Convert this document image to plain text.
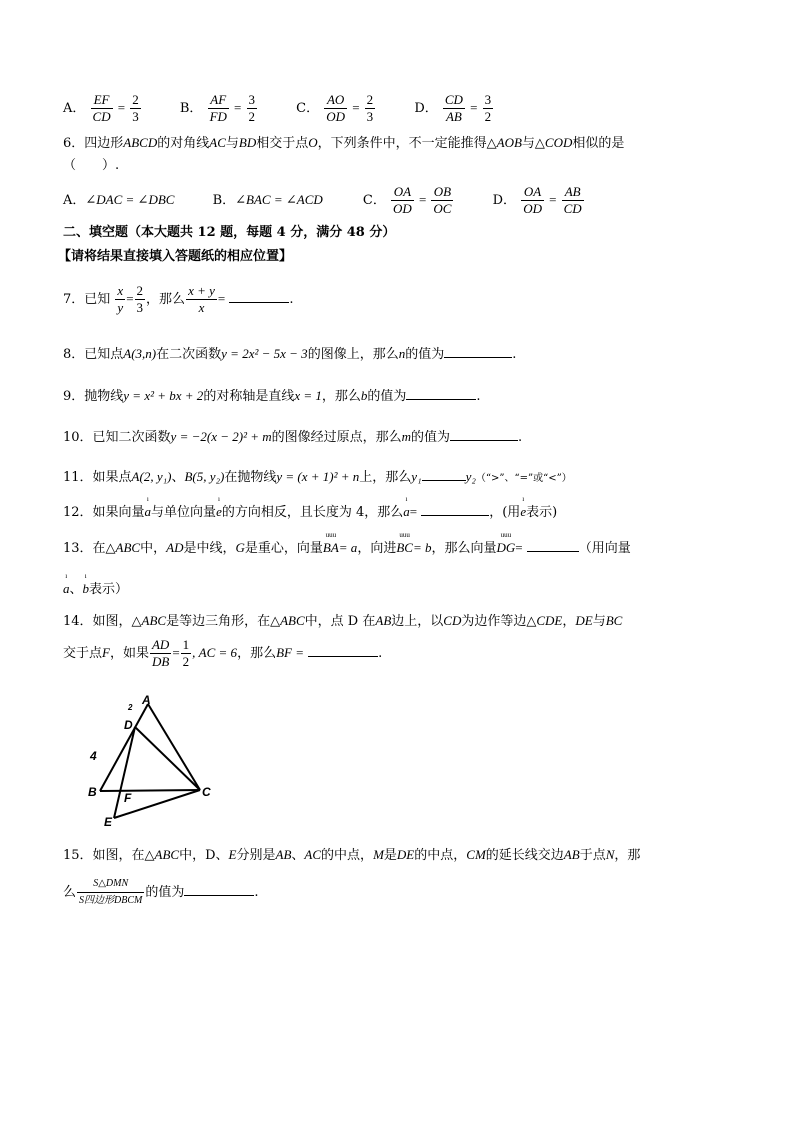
A． $\frac{EF}{CD} = \frac{2}{3}$	B． $\frac{AF}{FD} = \frac{3}{2}$	C． $\frac{AO}{OD} = \frac{2}{3}$	D． $\frac{CD}{AB} = \frac{3}{2}$
6．四边形ABCD的对角线AC与BD相交于点O，下列条件中，不一定能推得△AOB与△COD相似的是
（　　）.
A．∠DAC = ∠DBC	B．∠BAC = ∠ACD	C． $\frac{OA}{OD} = \frac{OB}{OC}$	D． $\frac{OA}{OD} = \frac{AB}{CD}$
二、填空题（本大题共 12 题，每题 4 分，满分 48 分）
【请将结果直接填入答题纸的相应位置】
7．已知 $\frac{x}{y} = \frac{2}{3}$ ，那么 $\frac{x + y}{x}$ =	.
8．已知点A(3,n)在二次函数y = 2x² − 5x − 3的图像上，那么n的值为	.
9．抛物线y = x² + bx + 2的对称轴是直线x = 1，那么b的值为	.
10．已知二次函数y = −2(x − 2)² + m的图像经过原点，那么m的值为	.
11．如果点A(2, y₁)、B(5, y₂)在抛物线y = (x + 1)² + n上，那么y₁	y₂（“>”、“=”或“<”）
12．如果向量
ı
a与单位向量
ı
e的方向相反，且长度为 4，那么
ı
a=	，(用
ı
e表示)
13．在△ABC中，AD是中线，G是重心，向量
uuu
BA= a，向进
uuu
BC= b，那么向量
uuu
DG=	（用向量
ı
a、
ı
b表示）
14．如图，△ABC是等边三角形，在△ABC中，点 D 在AB边上，以CD为边作等边△CDE，DE与BC
交于点F，如果 $\frac{AD}{DB} = \frac{1}{2}$ , AC = 6，那么BF =	.
A
D
B F	C
E
4
2
15．如图，在△ABC中，D、E分别是AB、AC的中点，M是DE的中点，CM的延长线交边AB于点N，那
么 $\frac{\text{S△DMN}}{\text{S四边形DBCM}}$ 的值为	.
